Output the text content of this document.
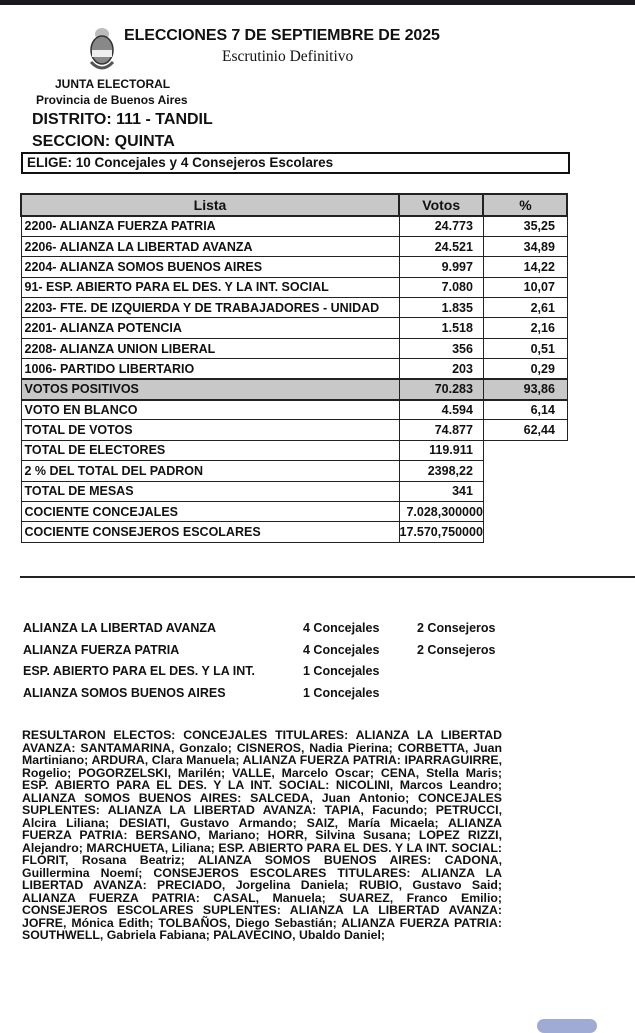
ELECCIONES 7 DE SEPTIEMBRE DE 2025
Escrutinio Definitivo
JUNTA ELECTORAL
Provincia de Buenos Aires
DISTRITO: 111 - TANDIL
SECCION: QUINTA
ELIGE: 10 Concejales y 4 Consejeros Escolares
Lista	Votos	%
2200- ALIANZA FUERZA PATRIA	24.773	35,25
2206- ALIANZA LA LIBERTAD AVANZA	24.521	34,89
2204- ALIANZA SOMOS BUENOS AIRES	9.997	14,22
91- ESP. ABIERTO PARA EL DES. Y LA INT. SOCIAL	7.080	10,07
2203- FTE. DE IZQUIERDA Y DE TRABAJADORES - UNIDAD	1.835	2,61
2201- ALIANZA POTENCIA	1.518	2,16
2208- ALIANZA UNION LIBERAL	356	0,51
1006- PARTIDO LIBERTARIO	203	0,29
VOTOS POSITIVOS	70.283	93,86
VOTO EN BLANCO	4.594	6,14
TOTAL DE VOTOS	74.877	62,44
TOTAL DE ELECTORES	119.911	
2 % DEL TOTAL DEL PADRON	2398,22	
TOTAL DE MESAS	341	
COCIENTE CONCEJALES	7.028,300000	
COCIENTE CONSEJEROS ESCOLARES	17.570,750000	
ALIANZA LA LIBERTAD AVANZA	4 Concejales	2 Consejeros
ALIANZA FUERZA PATRIA	4 Concejales	2 Consejeros
ESP. ABIERTO PARA EL DES. Y LA INT.	1 Concejales
ALIANZA SOMOS BUENOS AIRES	1 Concejales
RESULTARON ELECTOS: CONCEJALES TITULARES: ALIANZA LA LIBERTAD AVANZA: SANTAMARINA, Gonzalo; CISNEROS, Nadia Pierina; CORBETTA, Juan Martiniano; ARDURA, Clara Manuela; ALIANZA FUERZA PATRIA: IPARRAGUIRRE, Rogelio; POGORZELSKI, Marilén; VALLE, Marcelo Oscar; CENA, Stella Maris; ESP. ABIERTO PARA EL DES. Y LA INT. SOCIAL: NICOLINI, Marcos Leandro; ALIANZA SOMOS BUENOS AIRES: SALCEDA, Juan Antonio; CONCEJALES SUPLENTES: ALIANZA LA LIBERTAD AVANZA: TAPIA, Facundo; PETRUCCI, Alcira Liliana; DESIATI, Gustavo Armando; SAIZ, María Micaela; ALIANZA FUERZA PATRIA: BERSANO, Mariano; HORR, Silvina Susana; LOPEZ RIZZI, Alejandro; MARCHUETA, Liliana; ESP. ABIERTO PARA EL DES. Y LA INT. SOCIAL: FLORIT, Rosana Beatriz; ALIANZA SOMOS BUENOS AIRES: CADONA, Guillermina Noemí; CONSEJEROS ESCOLARES TITULARES: ALIANZA LA LIBERTAD AVANZA: PRECIADO, Jorgelina Daniela; RUBIO, Gustavo Said; ALIANZA FUERZA PATRIA: CASAL, Manuela; SUAREZ, Franco Emilio; CONSEJEROS ESCOLARES SUPLENTES: ALIANZA LA LIBERTAD AVANZA: JOFRE, Mónica Edith; TOLBAÑOS, Diego Sebastián; ALIANZA FUERZA PATRIA: SOUTHWELL, Gabriela Fabiana; PALAVECINO, Ubaldo Daniel;
